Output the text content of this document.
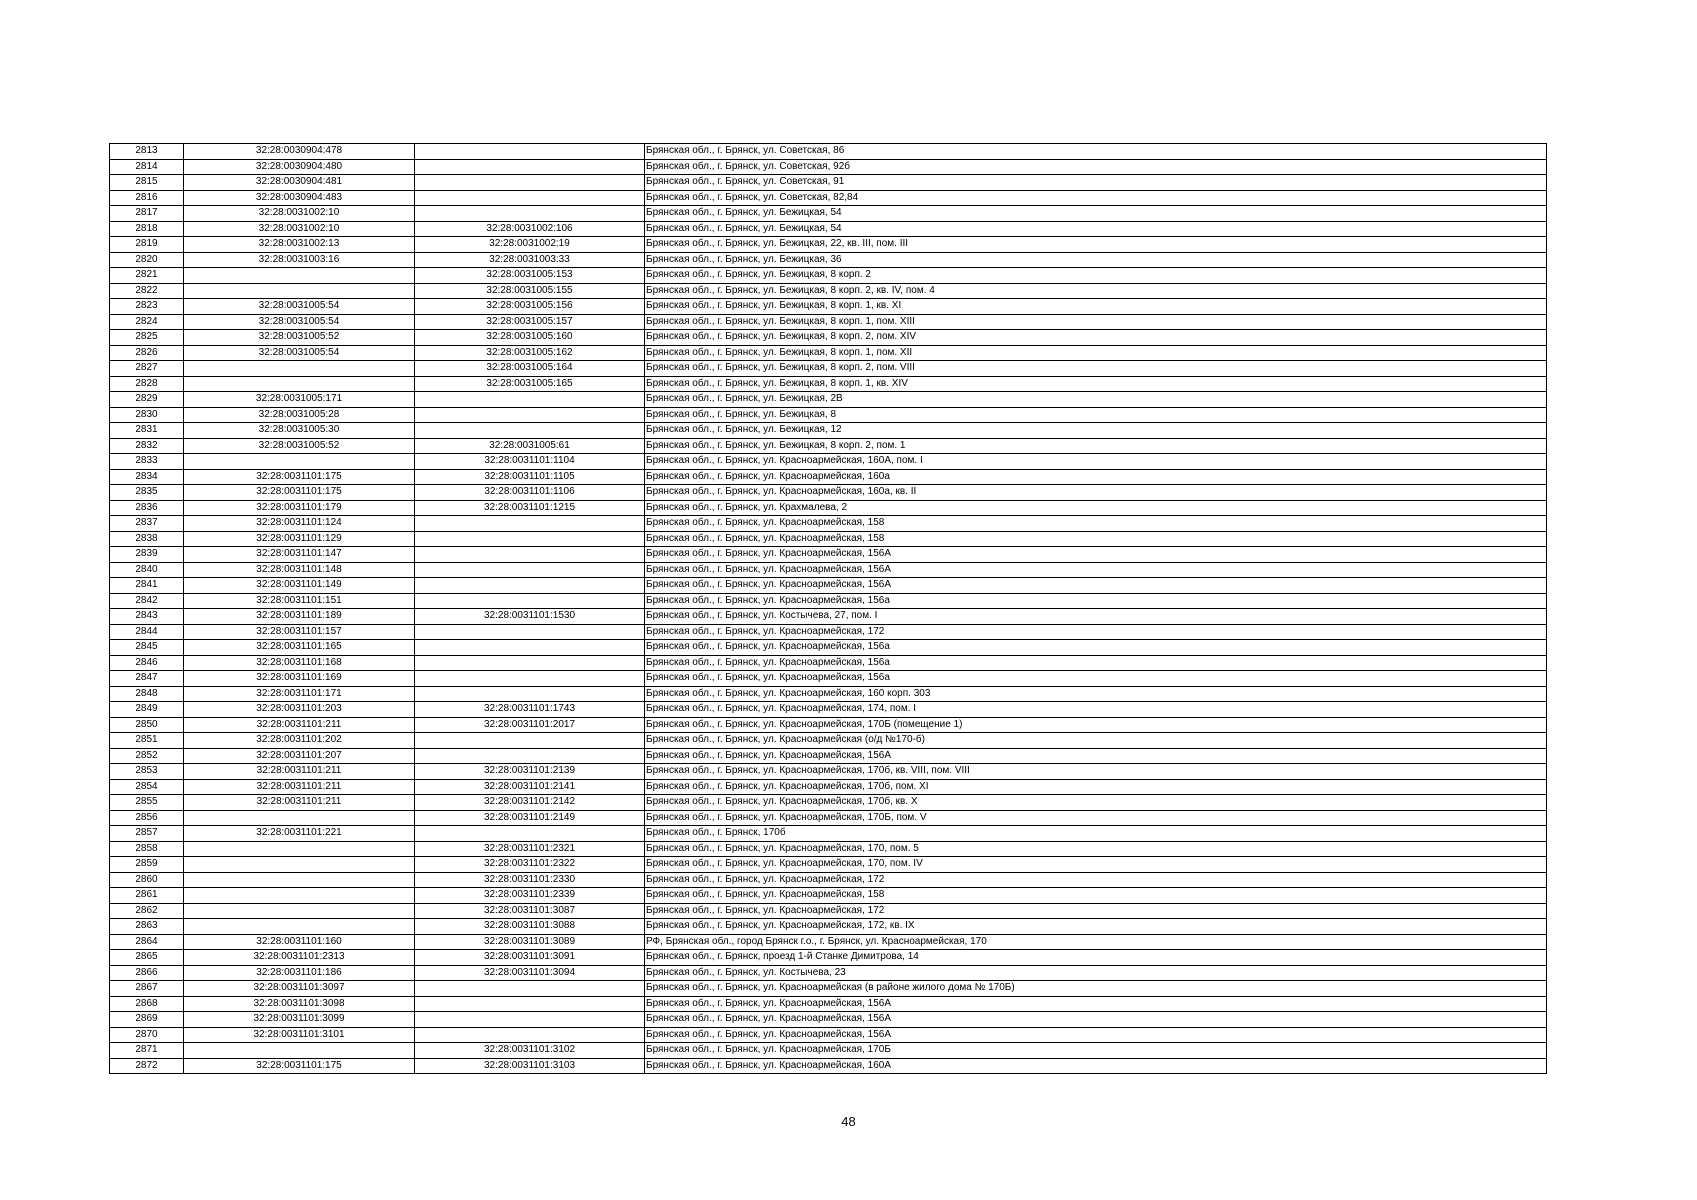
2813	32:28:0030904:478		Брянская обл., г. Брянск, ул. Советская, 86
2814	32:28:0030904:480		Брянская обл., г. Брянск, ул. Советская, 92б
2815	32:28:0030904:481		Брянская обл., г. Брянск, ул. Советская, 91
2816	32:28:0030904:483		Брянская обл., г. Брянск, ул. Советская, 82,84
2817	32:28:0031002:10		Брянская обл., г. Брянск, ул. Бежицкая, 54
2818	32:28:0031002:10	32:28:0031002:106	Брянская обл., г. Брянск, ул. Бежицкая, 54
2819	32:28:0031002:13	32:28:0031002:19	Брянская обл., г. Брянск, ул. Бежицкая, 22, кв. III, пом. III
2820	32:28:0031003:16	32:28:0031003:33	Брянская обл., г. Брянск, ул. Бежицкая, 36
2821		32:28:0031005:153	Брянская обл., г. Брянск, ул. Бежицкая, 8 корп. 2
2822		32:28:0031005:155	Брянская обл., г. Брянск, ул. Бежицкая, 8 корп. 2, кв. IV, пом. 4
2823	32:28:0031005:54	32:28:0031005:156	Брянская обл., г. Брянск, ул. Бежицкая, 8 корп. 1, кв. XI
2824	32:28:0031005:54	32:28:0031005:157	Брянская обл., г. Брянск, ул. Бежицкая, 8 корп. 1, пом. XIII
2825	32:28:0031005:52	32:28:0031005:160	Брянская обл., г. Брянск, ул. Бежицкая, 8 корп. 2, пом. XIV
2826	32:28:0031005:54	32:28:0031005:162	Брянская обл., г. Брянск, ул. Бежицкая, 8 корп. 1, пом. XII
2827		32:28:0031005:164	Брянская обл., г. Брянск, ул. Бежицкая, 8 корп. 2, пом. VIII
2828		32:28:0031005:165	Брянская обл., г. Брянск, ул. Бежицкая, 8 корп. 1, кв. XIV
2829	32:28:0031005:171		Брянская обл., г. Брянск, ул. Бежицкая, 2В
2830	32:28:0031005:28		Брянская обл., г. Брянск, ул. Бежицкая, 8
2831	32:28:0031005:30		Брянская обл., г. Брянск, ул. Бежицкая, 12
2832	32:28:0031005:52	32:28:0031005:61	Брянская обл., г. Брянск, ул. Бежицкая, 8 корп. 2, пом. 1
2833		32:28:0031101:1104	Брянская обл., г. Брянск, ул. Красноармейская, 160А, пом. I
2834	32:28:0031101:175	32:28:0031101:1105	Брянская обл., г. Брянск, ул. Красноармейская, 160а
2835	32:28:0031101:175	32:28:0031101:1106	Брянская обл., г. Брянск, ул. Красноармейская, 160а, кв. II
2836	32:28:0031101:179	32:28:0031101:1215	Брянская обл., г. Брянск, ул. Крахмалева, 2
2837	32:28:0031101:124		Брянская обл., г. Брянск, ул. Красноармейская, 158
2838	32:28:0031101:129		Брянская обл., г. Брянск, ул. Красноармейская, 158
2839	32:28:0031101:147		Брянская обл., г. Брянск, ул. Красноармейская, 156А
2840	32:28:0031101:148		Брянская обл., г. Брянск, ул. Красноармейская, 156А
2841	32:28:0031101:149		Брянская обл., г. Брянск, ул. Красноармейская, 156А
2842	32:28:0031101:151		Брянская обл., г. Брянск, ул. Красноармейская, 156а
2843	32:28:0031101:189	32:28:0031101:1530	Брянская обл., г. Брянск, ул. Костычева, 27, пом. I
2844	32:28:0031101:157		Брянская обл., г. Брянск, ул. Красноармейская, 172
2845	32:28:0031101:165		Брянская обл., г. Брянск, ул. Красноармейская, 156а
2846	32:28:0031101:168		Брянская обл., г. Брянск, ул. Красноармейская, 156а
2847	32:28:0031101:169		Брянская обл., г. Брянск, ул. Красноармейская, 156а
2848	32:28:0031101:171		Брянская обл., г. Брянск, ул. Красноармейская, 160 корп. 303
2849	32:28:0031101:203	32:28:0031101:1743	Брянская обл., г. Брянск, ул. Красноармейская, 174, пом. I
2850	32:28:0031101:211	32:28:0031101:2017	Брянская обл., г. Брянск, ул. Красноармейская, 170Б (помещение 1)
2851	32:28:0031101:202		Брянская обл., г. Брянск, ул. Красноармейская (о/д №170-б)
2852	32:28:0031101:207		Брянская обл., г. Брянск, ул. Красноармейская, 156А
2853	32:28:0031101:211	32:28:0031101:2139	Брянская обл., г. Брянск, ул. Красноармейская, 170б, кв. VIII, пом. VIII
2854	32:28:0031101:211	32:28:0031101:2141	Брянская обл., г. Брянск, ул. Красноармейская, 170б, пом. XI
2855	32:28:0031101:211	32:28:0031101:2142	Брянская обл., г. Брянск, ул. Красноармейская, 170б, кв. X
2856		32:28:0031101:2149	Брянская обл., г. Брянск, ул. Красноармейская, 170Б, пом. V
2857	32:28:0031101:221		Брянская обл., г. Брянск, 170б
2858		32:28:0031101:2321	Брянская обл., г. Брянск, ул. Красноармейская, 170, пом. 5
2859		32:28:0031101:2322	Брянская обл., г. Брянск, ул. Красноармейская, 170, пом. IV
2860		32:28:0031101:2330	Брянская обл., г. Брянск, ул. Красноармейская, 172
2861		32:28:0031101:2339	Брянская обл., г. Брянск, ул. Красноармейская, 158
2862		32:28:0031101:3087	Брянская обл., г. Брянск, ул. Красноармейская, 172
2863		32:28:0031101:3088	Брянская обл., г. Брянск, ул. Красноармейская, 172, кв. IX
2864	32:28:0031101:160	32:28:0031101:3089	РФ, Брянская обл., город Брянск г.о., г. Брянск, ул. Красноармейская, 170
2865	32:28:0031101:2313	32:28:0031101:3091	Брянская обл., г. Брянск, проезд 1-й Станке Димитрова, 14
2866	32:28:0031101:186	32:28:0031101:3094	Брянская обл., г. Брянск, ул. Костычева, 23
2867	32:28:0031101:3097		Брянская обл., г. Брянск, ул. Красноармейская (в районе жилого дома № 170Б)
2868	32:28:0031101:3098		Брянская обл., г. Брянск, ул. Красноармейская, 156А
2869	32:28:0031101:3099		Брянская обл., г. Брянск, ул. Красноармейская, 156А
2870	32:28:0031101:3101		Брянская обл., г. Брянск, ул. Красноармейская, 156А
2871		32:28:0031101:3102	Брянская обл., г. Брянск, ул. Красноармейская, 170Б
2872	32:28:0031101:175	32:28:0031101:3103	Брянская обл., г. Брянск, ул. Красноармейская, 160А
48
